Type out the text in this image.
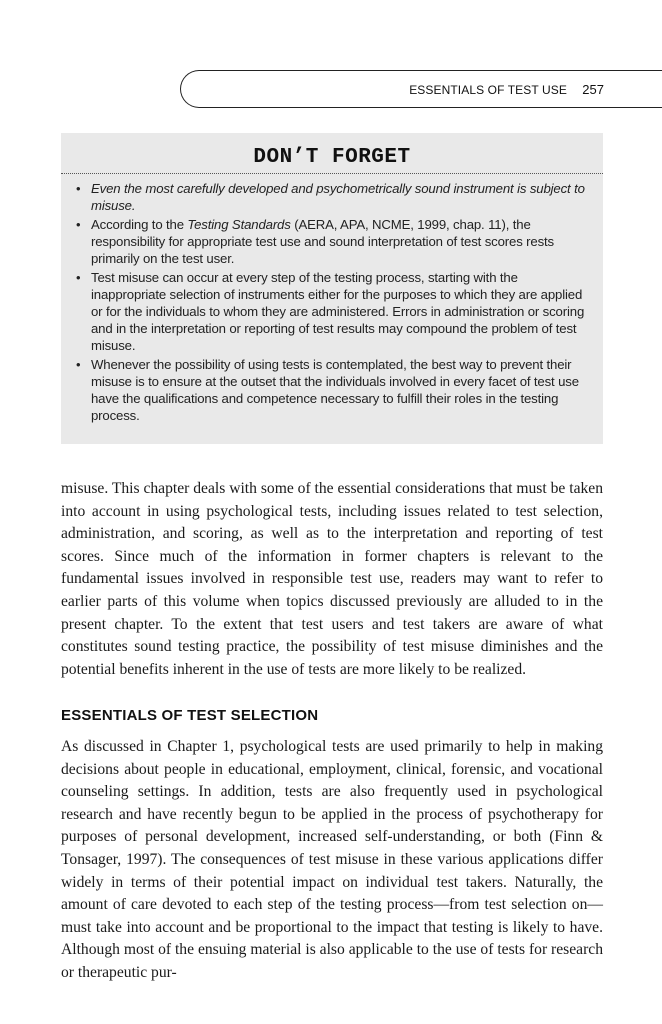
ESSENTIALS OF TEST USE 257
DON’T FORGET
• Even the most carefully developed and psychometrically sound instrument is subject to misuse.
• According to the Testing Standards (AERA, APA, NCME, 1999, chap. 11), the responsibility for appropriate test use and sound interpretation of test scores rests primarily on the test user.
• Test misuse can occur at every step of the testing process, starting with the inappropriate selection of instruments either for the purposes to which they are applied or for the individuals to whom they are administered. Errors in administration or scoring and in the interpretation or reporting of test results may compound the problem of test misuse.
• Whenever the possibility of using tests is contemplated, the best way to prevent their misuse is to ensure at the outset that the individuals involved in every facet of test use have the qualifications and competence necessary to fulfill their roles in the testing process.

misuse. This chapter deals with some of the essential considerations that must be taken into account in using psychological tests, including issues related to test selection, administration, and scoring, as well as to the interpretation and reporting of test scores. Since much of the information in former chapters is relevant to the fundamental issues involved in responsible test use, readers may want to refer to earlier parts of this volume when topics discussed previously are alluded to in the present chapter. To the extent that test users and test takers are aware of what constitutes sound testing practice, the possibility of test misuse diminishes and the potential benefits inherent in the use of tests are more likely to be realized.

ESSENTIALS OF TEST SELECTION

As discussed in Chapter 1, psychological tests are used primarily to help in making decisions about people in educational, employment, clinical, forensic, and vocational counseling settings. In addition, tests are also frequently used in psychological research and have recently begun to be applied in the process of psychotherapy for purposes of personal development, increased self-understanding, or both (Finn & Tonsager, 1997). The consequences of test misuse in these various applications differ widely in terms of their potential impact on individual test takers. Naturally, the amount of care devoted to each step of the testing process—from test selection on—must take into account and be proportional to the impact that testing is likely to have. Although most of the ensuing material is also applicable to the use of tests for research or therapeutic pur-
